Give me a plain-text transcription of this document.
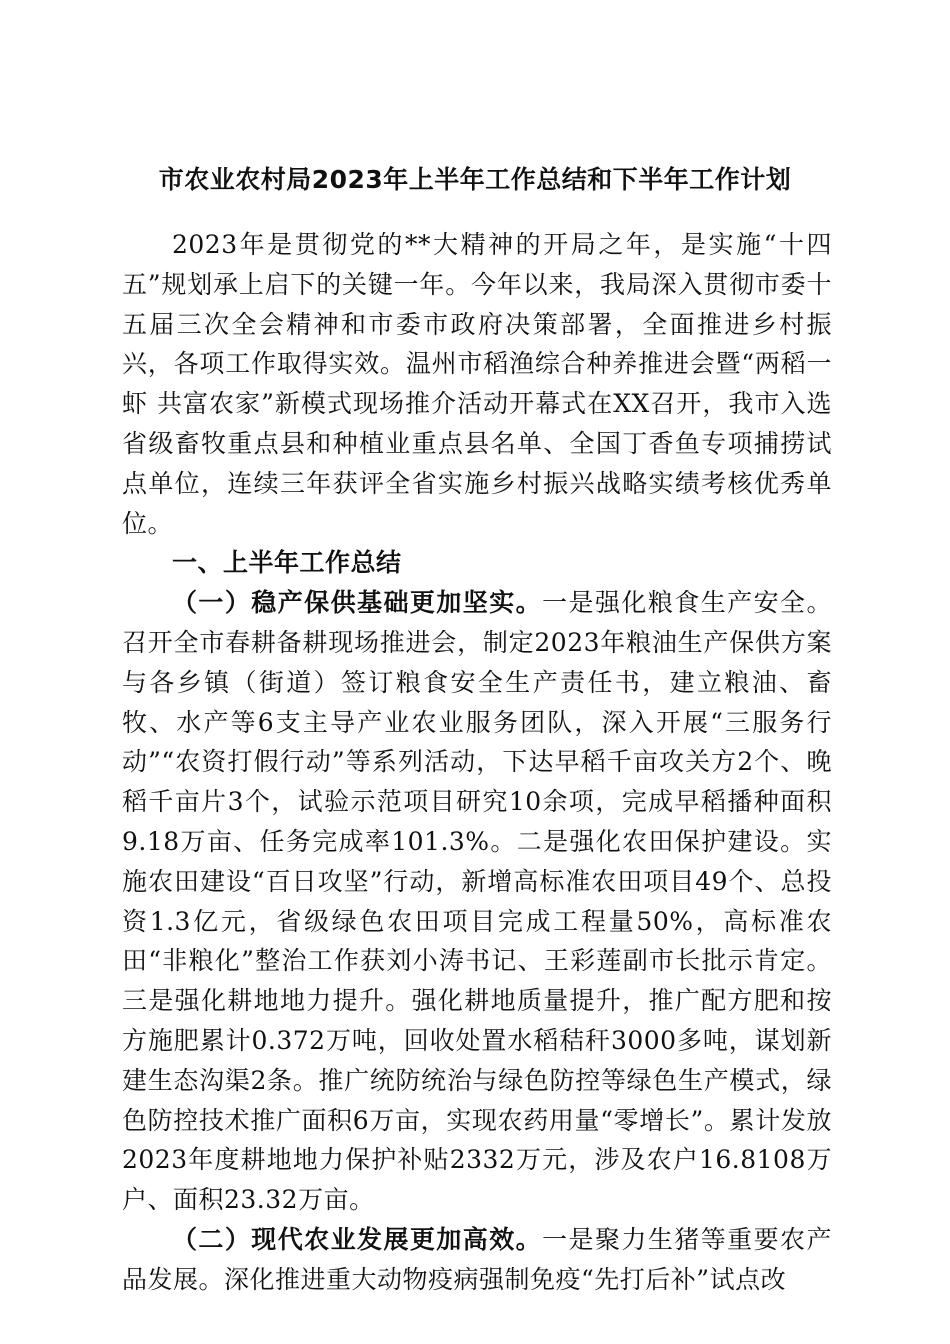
市农业农村局2023年上半年工作总结和下半年工作计划

2023年是贯彻党的**大精神的开局之年，是实施“十四五”规划承上启下的关键一年。今年以来，我局深入贯彻市委十五届三次全会精神和市委市政府决策部署，全面推进乡村振兴，各项工作取得实效。温州市稻渔综合种养推进会暨“两稻一虾 共富农家”新模式现场推介活动开幕式在XX召开，我市入选省级畜牧重点县和种植业重点县名单、全国丁香鱼专项捕捞试点单位，连续三年获评全省实施乡村振兴战略实绩考核优秀单位。

一、上半年工作总结

（一）稳产保供基础更加坚实。一是强化粮食生产安全。召开全市春耕备耕现场推进会，制定2023年粮油生产保供方案与各乡镇（街道）签订粮食安全生产责任书，建立粮油、畜牧、水产等6支主导产业农业服务团队，深入开展“三服务行动”“农资打假行动”等系列活动，下达早稻千亩攻关方2个、晚稻千亩片3个，试验示范项目研究10余项，完成早稻播种面积9.18万亩、任务完成率101.3%。二是强化农田保护建设。实施农田建设“百日攻坚”行动，新增高标准农田项目49个、总投资1.3亿元，省级绿色农田项目完成工程量50%，高标准农田“非粮化”整治工作获刘小涛书记、王彩莲副市长批示肯定。三是强化耕地地力提升。强化耕地质量提升，推广配方肥和按方施肥累计0.372万吨，回收处置水稻秸秆3000多吨，谋划新建生态沟渠2条。推广统防统治与绿色防控等绿色生产模式，绿色防控技术推广面积6万亩，实现农药用量“零增长”。累计发放2023年度耕地地力保护补贴2332万元，涉及农户16.8108万户、面积23.32万亩。

（二）现代农业发展更加高效。一是聚力生猪等重要农产品发展。深化推进重大动物疫病强制免疫“先打后补”试点改
